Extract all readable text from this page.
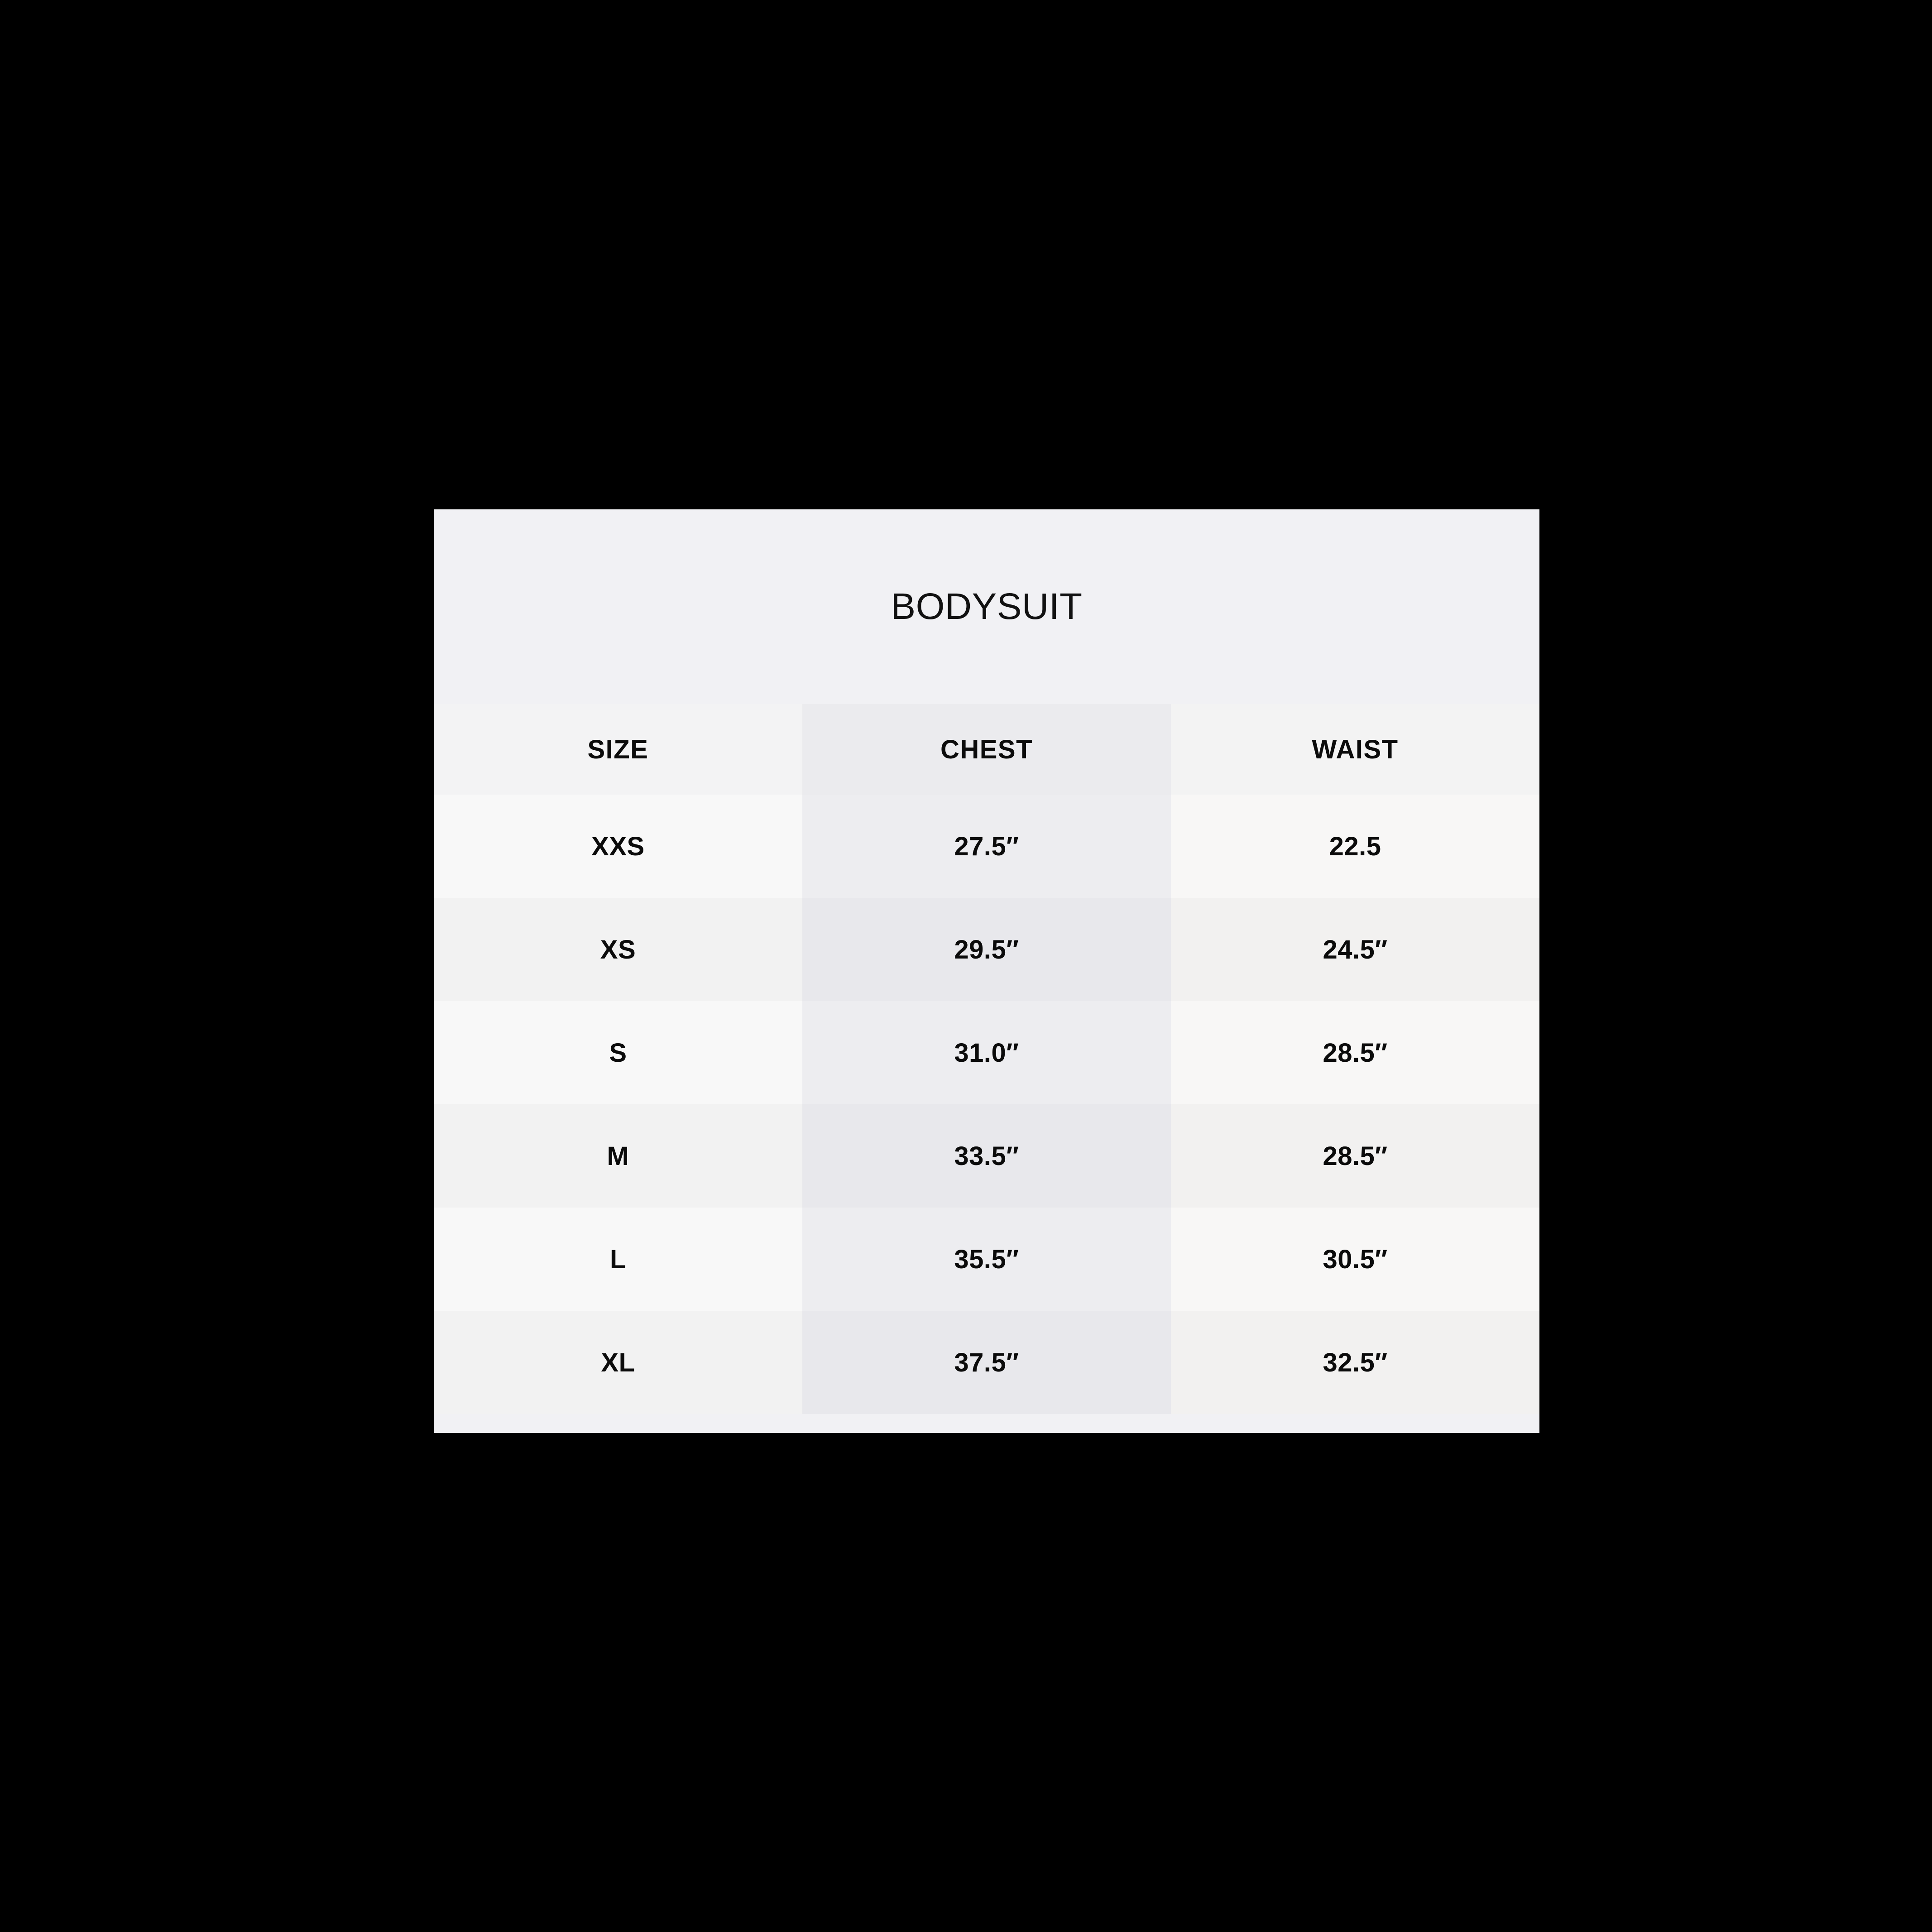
BODYSUIT
SIZE	CHEST	WAIST
XXS	27.5″	22.5
XS	29.5″	24.5″
S	31.0″	28.5″
M	33.5″	28.5″
L	35.5″	30.5″
XL	37.5″	32.5″
